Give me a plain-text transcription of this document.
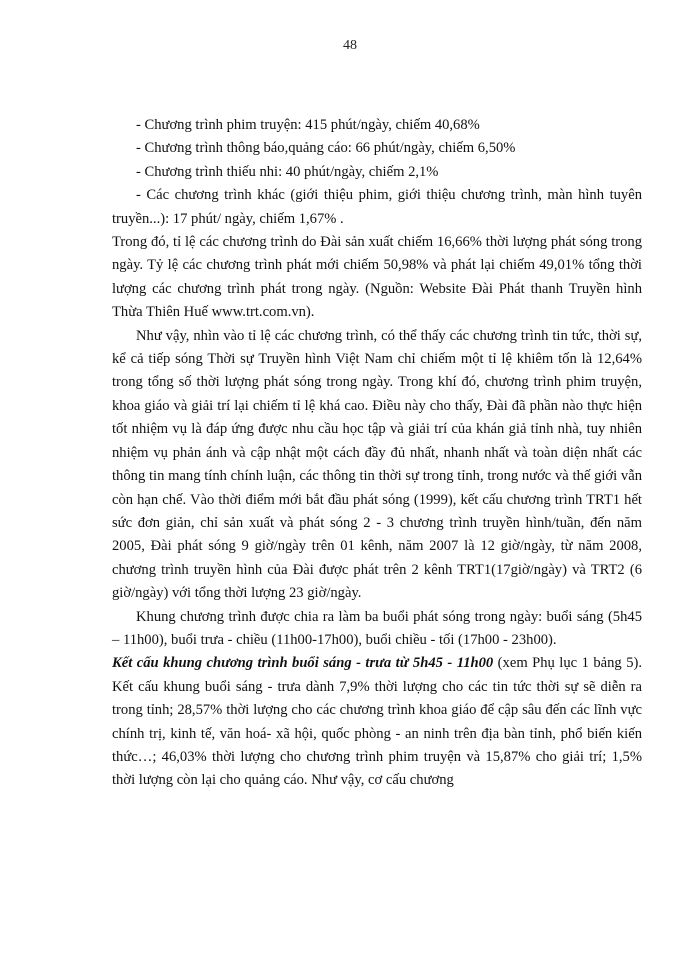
48

- Chương trình phim truyện: 415 phút/ngày, chiếm 40,68%

- Chương trình thông báo,quảng cáo: 66 phút/ngày, chiếm 6,50%

- Chương trình thiếu nhi: 40 phút/ngày, chiếm 2,1%

- Các chương trình khác (giới thiệu phim, giới thiệu chương trình, màn hình tuyên truyền...): 17 phút/ ngày, chiếm 1,67% .

Trong đó, tỉ lệ các chương trình do Đài sản xuất chiếm 16,66% thời lượng phát sóng trong ngày. Tỷ lệ các chương trình phát mới chiếm 50,98% và phát lại chiếm 49,01% tổng thời lượng các chương trình phát trong ngày. (Nguồn: Website Đài Phát thanh Truyền hình Thừa Thiên Huế www.trt.com.vn).

Như vậy, nhìn vào tỉ lệ các chương trình, có thể thấy các chương trình tin tức, thời sự, kể cả tiếp sóng Thời sự Truyền hình Việt Nam chỉ chiếm một tỉ lệ khiêm tốn là 12,64% trong tổng số thời lượng phát sóng trong ngày. Trong khí đó, chương trình phim truyện, khoa giáo và giải trí lại chiếm tỉ lệ khá cao. Điều này cho thấy, Đài đã phần nào thực hiện tốt nhiệm vụ là đáp ứng được nhu cầu học tập và giải trí của khán giả tỉnh nhà, tuy nhiên nhiệm vụ phản ánh và cập nhật một cách đầy đủ nhất, nhanh nhất và toàn diện nhất các thông tin mang tính chính luận, các thông tin thời sự trong tỉnh, trong nước và thế giới vẫn còn hạn chế. Vào thời điểm mới bắt đầu phát sóng (1999), kết cấu chương trình TRT1 hết sức đơn giản, chỉ sản xuất và phát sóng 2 - 3 chương trình truyền hình/tuần, đến năm 2005, Đài phát sóng 9 giờ/ngày trên 01 kênh, năm 2007 là 12 giờ/ngày, từ năm 2008, chương trình truyền hình của Đài được phát trên 2 kênh TRT1(17giờ/ngày) và TRT2 (6 giờ/ngày) với tổng thời lượng 23 giờ/ngày.

Khung chương trình được chia ra làm ba buổi phát sóng trong ngày: buổi sáng (5h45 – 11h00), buổi trưa - chiều (11h00-17h00), buổi chiều - tối (17h00 - 23h00).

Kết cấu khung chương trình buổi sáng - trưa từ 5h45 - 11h00 (xem Phụ lục 1 bảng 5). Kết cấu khung buổi sáng - trưa dành 7,9% thời lượng cho các tin tức thời sự sẽ diễn ra trong tỉnh; 28,57% thời lượng cho các chương trình khoa giáo để cập sâu đến các lĩnh vực chính trị, kinh tế, văn hoá- xã hội, quốc phòng - an ninh trên địa bàn tỉnh, phổ biến kiến thức…; 46,03% thời lượng cho chương trình phim truyện và 15,87% cho giải trí; 1,5% thời lượng còn lại cho quảng cáo. Như vậy, cơ cấu chương
